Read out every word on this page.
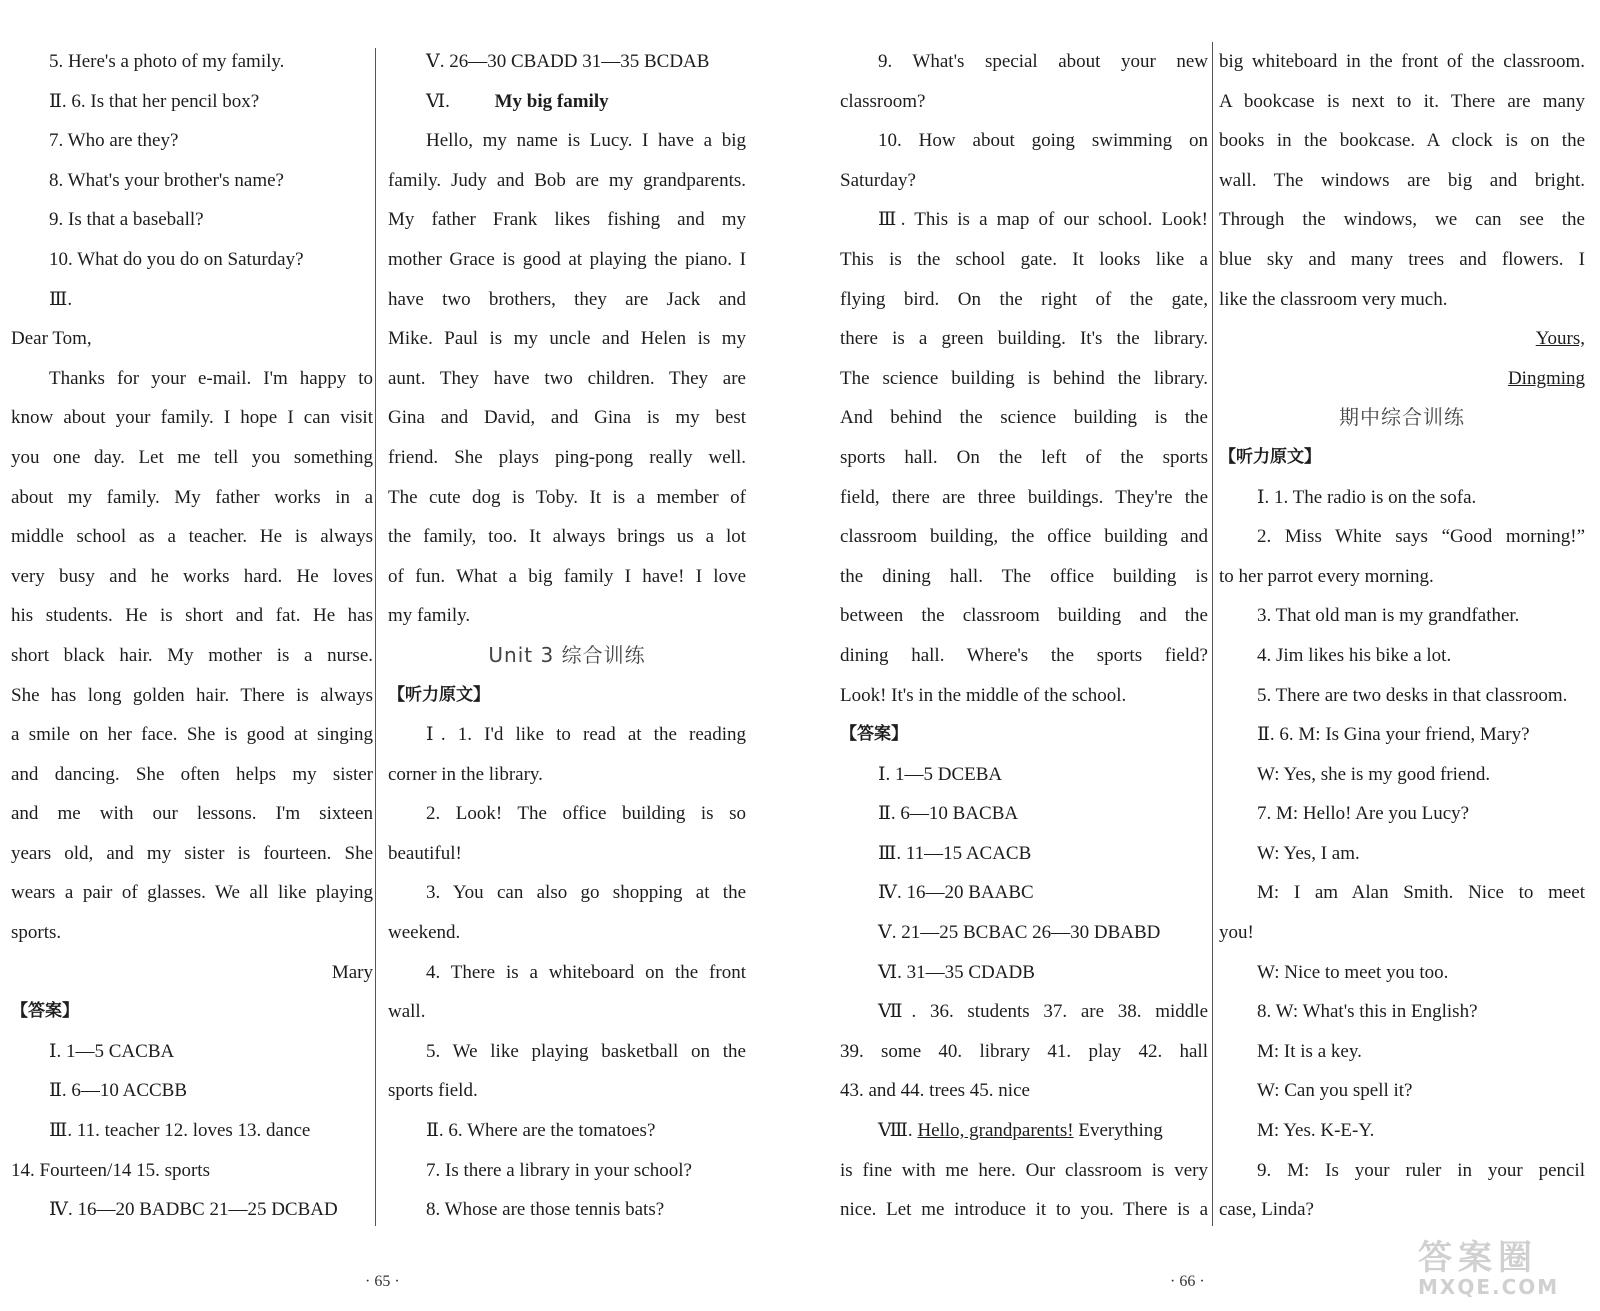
5. Here's a photo of my family.

Ⅱ. 6. Is that her pencil box?

7. Who are they?

8. What's your brother's name?

9. Is that a baseball?

10. What do you do on Saturday?

Ⅲ.

Dear Tom,

Thanks for your e-mail. I'm happy to

know about your family. I hope I can visit

you one day. Let me tell you something

about my family. My father works in a

middle school as a teacher. He is always

very busy and he works hard. He loves

his students. He is short and fat. He has

short black hair. My mother is a nurse.

She has long golden hair. There is always

a smile on her face. She is good at singing

and dancing. She often helps my sister

and me with our lessons. I'm sixteen

years old, and my sister is fourteen. She

wears a pair of glasses. We all like playing

sports.

Mary

【答案】

Ⅰ. 1—5 CACBA

Ⅱ. 6—10 ACCBB

Ⅲ. 11. teacher 12. loves 13. dance

14. Fourteen/14 15. sports

Ⅳ. 16—20 BADBC 21—25 DCBAD

Ⅴ. 26—30 CBADD 31—35 BCDAB

Ⅵ. My big family

Hello, my name is Lucy. I have a big

family. Judy and Bob are my grandparents.

My father Frank likes fishing and my

mother Grace is good at playing the piano. I

have two brothers, they are Jack and

Mike. Paul is my uncle and Helen is my

aunt. They have two children. They are

Gina and David, and Gina is my best

friend. She plays ping-pong really well.

The cute dog is Toby. It is a member of

the family, too. It always brings us a lot

of fun. What a big family I have! I love

my family.

Unit 3 综合训练

【听力原文】

Ⅰ. 1. I'd like to read at the reading

corner in the library.

2. Look! The office building is so

beautiful!

3. You can also go shopping at the

weekend.

4. There is a whiteboard on the front

wall.

5. We like playing basketball on the

sports field.

Ⅱ. 6. Where are the tomatoes?

7. Is there a library in your school?

8. Whose are those tennis bats?

9. What's special about your new

classroom?

10. How about going swimming on

Saturday?

Ⅲ. This is a map of our school. Look!

This is the school gate. It looks like a

flying bird. On the right of the gate,

there is a green building. It's the library.

The science building is behind the library.

And behind the science building is the

sports hall. On the left of the sports

field, there are three buildings. They're the

classroom building, the office building and

the dining hall. The office building is

between the classroom building and the

dining hall. Where's the sports field?

Look! It's in the middle of the school.

【答案】

Ⅰ. 1—5 DCEBA

Ⅱ. 6—10 BACBA

Ⅲ. 11—15 ACACB

Ⅳ. 16—20 BAABC

Ⅴ. 21—25 BCBAC 26—30 DBABD

Ⅵ. 31—35 CDADB

Ⅶ. 36. students 37. are 38. middle

39. some 40. library 41. play 42. hall

43. and 44. trees 45. nice

Ⅷ. Hello, grandparents! Everything

is fine with me here. Our classroom is very

nice. Let me introduce it to you. There is a

big whiteboard in the front of the classroom.

A bookcase is next to it. There are many

books in the bookcase. A clock is on the

wall. The windows are big and bright.

Through the windows, we can see the

blue sky and many trees and flowers. I

like the classroom very much.

Yours,

Dingming

期中综合训练

【听力原文】

Ⅰ. 1. The radio is on the sofa.

2. Miss White says “Good morning!”

to her parrot every morning.

3. That old man is my grandfather.

4. Jim likes his bike a lot.

5. There are two desks in that classroom.

Ⅱ. 6. M: Is Gina your friend, Mary?

W: Yes, she is my good friend.

7. M: Hello! Are you Lucy?

W: Yes, I am.

M: I am Alan Smith. Nice to meet

you!

W: Nice to meet you too.

8. W: What's this in English?

M: It is a key.

W: Can you spell it?

M: Yes. K-E-Y.

9. M: Is your ruler in your pencil

case, Linda?

· 65 ·	· 66 ·
答案圈
MXQE.COM
